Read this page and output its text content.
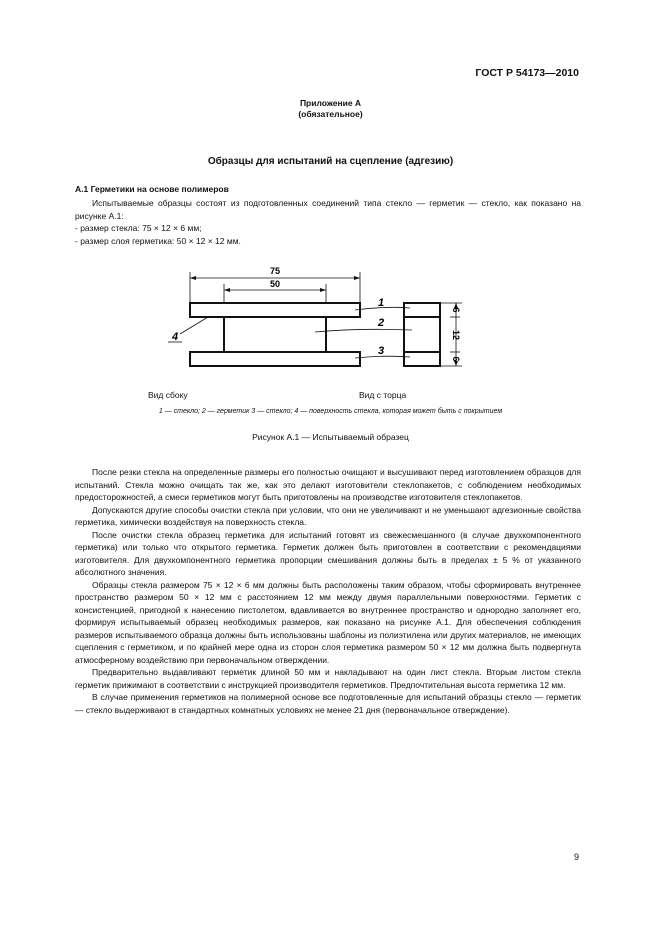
ГОСТ Р 54173—2010
Приложение А
(обязательное)
Образцы для испытаний на сцепление (адгезию)
А.1 Герметики на основе полимеров

Испытываемые образцы состоят из подготовленных соединений типа стекло — герметик — стекло, как показано на рисунке А.1:

- размер стекла: 75 × 12 × 6 мм;
- размер слоя герметика: 50 × 12 × 12 мм.
75
50
4
1
2
3
6
12
6
Вид сбоку	Вид с торца
1 — стекло; 2 — герметик 3 — стекло; 4 — поверхность стекла, которая может быть с покрытием
Рисунок А.1 — Испытываемый образец

После резки стекла на определенные размеры его полностью очищают и высушивают перед изготовлением образцов для испытаний. Стекла можно очищать так же, как это делают изготовители стеклопакетов, с соблюдением необходимых предосторожностей, а смеси герметиков могут быть приготовлены на производстве изготовителя стеклопакетов.

Допускаются другие способы очистки стекла при условии, что они не увеличивают и не уменьшают адгезионные свойства герметика, химически воздействуя на поверхность стекла.

После очистки стекла образец герметика для испытаний готовят из свежесмешанного (в случае двухкомпонентного герметика) или только что открытого герметика. Герметик должен быть приготовлен в соответствии с рекомендациями изготовителя. Для двухкомпонентного герметика пропорции смешивания должны быть в пределах ± 5 % от указанного абсолютного значения.

Образцы стекла размером 75 × 12 × 6 мм должны быть расположены таким образом, чтобы сформировать внутреннее пространство размером 50 × 12 мм с расстоянием 12 мм между двумя параллельными поверхностями. Герметик с консистенцией, пригодной к нанесению пистолетом, вдавливается во внутреннее пространство и однородно заполняет его, формируя испытываемый образец необходимых размеров, как показано на рисунке А.1. Для обеспечения соблюдения размеров испытываемого образца должны быть использованы шаблоны из полиэтилена или других материалов, не имеющих сцепления с герметиком, и по крайней мере одна из сторон слоя герметика размером 50 × 12 мм должна быть подвергнута атмосферному воздействию при первоначальном отверждении.

Предварительно выдавливают герметик длиной 50 мм и накладывают на один лист стекла. Вторым листом стекла герметик прижимают в соответствии с инструкцией производителя герметиков. Предпочтительная высота герметика 12 мм.

В случае применения герметиков на полимерной основе все подготовленные для испытаний образцы стекло — герметик — стекло выдерживают в стандартных комнатных условиях не менее 21 дня (первоначальное отверждение).

9
